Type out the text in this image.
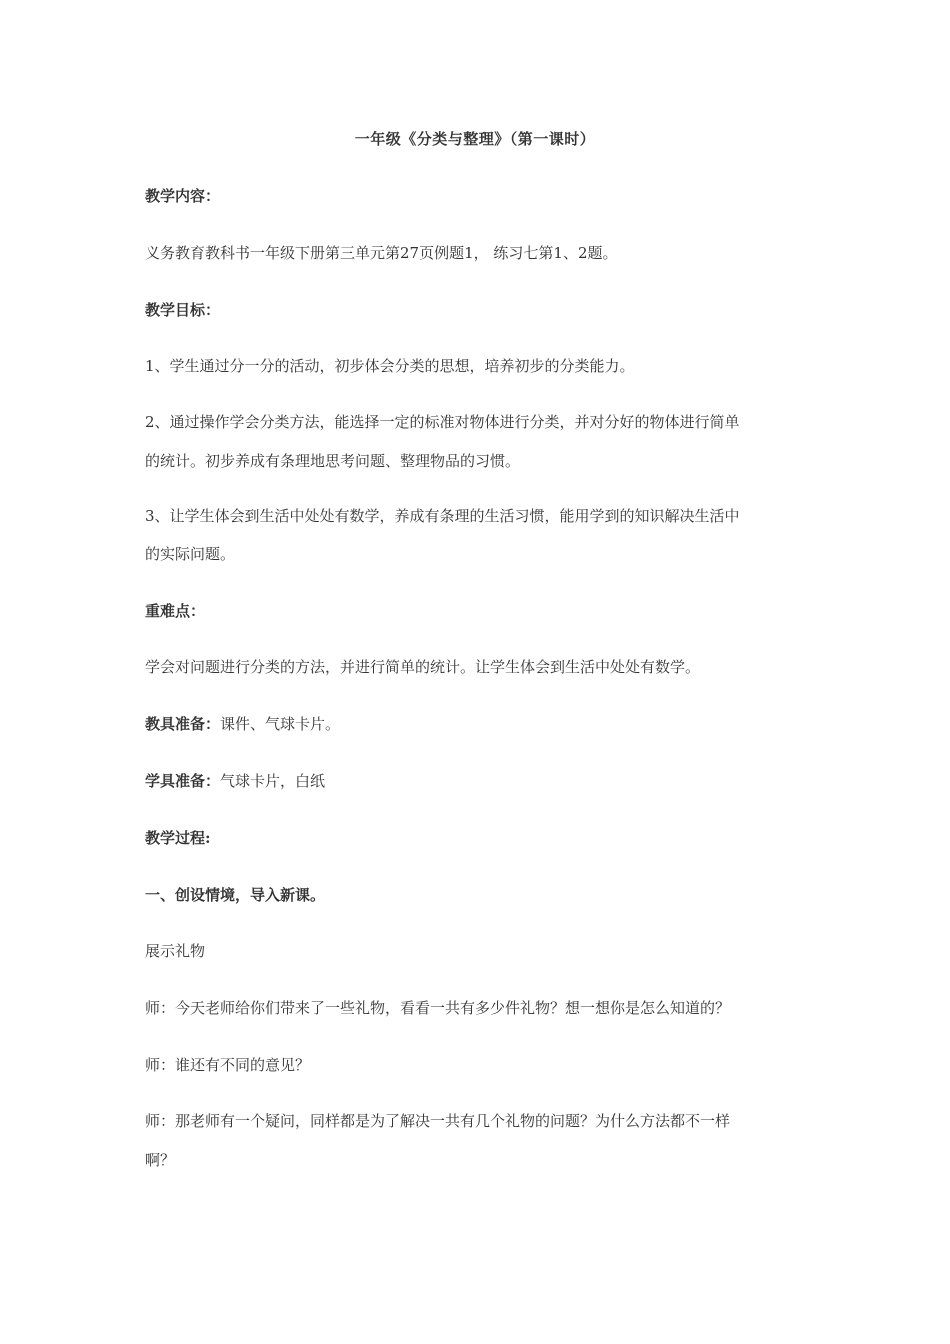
一年级《分类与整理》（第一课时）
教学内容：
义务教育教科书一年级下册第三单元第27页例题1， 练习七第1、2题。
教学目标：
1、学生通过分一分的活动，初步体会分类的思想，培养初步的分类能力。
2、通过操作学会分类方法，能选择一定的标准对物体进行分类，并对分好的物体进行简单
的统计。初步养成有条理地思考问题、整理物品的习惯。
3、让学生体会到生活中处处有数学，养成有条理的生活习惯，能用学到的知识解决生活中
的实际问题。
重难点：
学会对问题进行分类的方法，并进行简单的统计。让学生体会到生活中处处有数学。
教具准备：课件、气球卡片。
学具准备：气球卡片，白纸
教学过程:
一、创设情境，导入新课。
展示礼物
师：今天老师给你们带来了一些礼物，看看一共有多少件礼物？想一想你是怎么知道的？
师：谁还有不同的意见？
师：那老师有一个疑问，同样都是为了解决一共有几个礼物的问题？为什么方法都不一样
啊？
